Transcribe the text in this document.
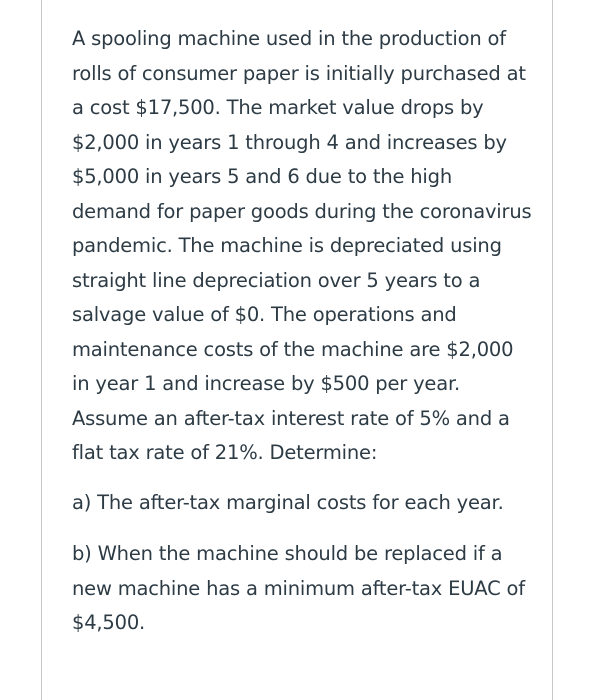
A spooling machine used in the production of rolls of consumer paper is initially purchased at a cost $17,500. The market value drops by $2,000 in years 1 through 4 and increases by $5,000 in years 5 and 6 due to the high demand for paper goods during the coronavirus pandemic. The machine is depreciated using straight line depreciation over 5 years to a salvage value of $0. The operations and maintenance costs of the machine are $2,000 in year 1 and increase by $500 per year. Assume an after-tax interest rate of 5% and a flat tax rate of 21%. Determine:

a) The after-tax marginal costs for each year.

b) When the machine should be replaced if a new machine has a minimum after-tax EUAC of $4,500.
